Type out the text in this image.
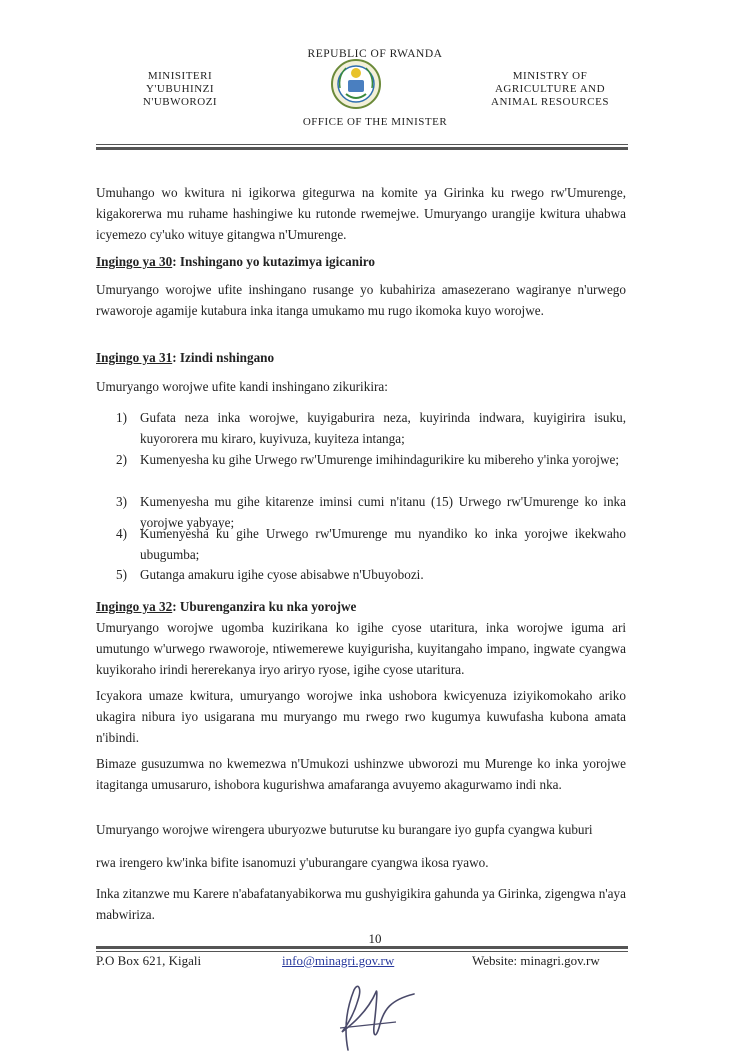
REPUBLIC OF RWANDA
MINISITERI
Y'UBUHINZI
N'UBWOROZI
MINISTRY OF
AGRICULTURE AND
ANIMAL RESOURCES
OFFICE OF THE MINISTER
Umuhango wo kwitura ni igikorwa gitegurwa na komite ya Girinka ku rwego rw'Umurenge, kigakorerwa mu ruhame hashingiwe ku rutonde rwemejwe. Umuryango urangije kwitura uhabwa icyemezo cy'uko wituye gitangwa n'Umurenge.
Ingingo ya 30: Inshingano yo kutazimya igicaniro
Umuryango worojwe ufite inshingano rusange yo kubahiriza amasezerano wagiranye n'urwego rwaworoje agamije kutabura inka itanga umukamo mu rugo ikomoka kuyo worojwe.
Ingingo ya 31: Izindi nshingano
Umuryango worojwe ufite kandi inshingano zikurikira:
1) Gufata neza inka worojwe, kuyigaburira neza, kuyirinda indwara, kuyigirira isuku, kuyororera mu kiraro, kuyivuza, kuyiteza intanga;
2) Kumenyesha ku gihe Urwego rw'Umurenge imihindagurikire ku mibereho y'inka yorojwe;
3) Kumenyesha mu gihe kitarenze iminsi cumi n'itanu (15) Urwego rw'Umurenge ko inka yorojwe yabyaye;
4) Kumenyesha ku gihe Urwego rw'Umurenge mu nyandiko ko inka yorojwe ikekwaho ubugumba;
5) Gutanga amakuru igihe cyose abisabwe n'Ubuyobozi.
Ingingo ya 32: Uburenganzira ku nka yorojwe
Umuryango worojwe ugomba kuzirikana ko igihe cyose utaritura, inka worojwe iguma ari umutungo w'urwego rwaworoje, ntiwemerewe kuyigurisha, kuyitangaho impano, ingwate cyangwa kuyikoraho irindi hererekanya iryo ariryo ryose, igihe cyose utaritura.
Icyakora umaze kwitura, umuryango worojwe inka ushobora kwicyenuza iziyikomokaho ariko ukagira nibura iyo usigarana mu muryango mu rwego rwo kugumya kuwufasha kubona amata n'ibindi.
Bimaze gusuzumwa no kwemezwa n'Umukozi ushinzwe ubworozi mu Murenge ko inka yorojwe itagitanga umusaruro, ishobora kugurishwa amafaranga avuyemo akagurwamo indi nka.
Umuryango worojwe wirengera uburyozwe buturutse ku burangare iyo gupfa cyangwa kuburi
rwa irengero kw'inka bifite isanomuzi y'uburangare cyangwa ikosa ryawo.
Inka zitanzwe mu Karere n'abafatanyabikorwa mu gushyigikira gahunda ya Girinka, zigengwa n'aya mabwiriza.
10
P.O Box 621, Kigali	info@minagri.gov.rw	Website: minagri.gov.rw
